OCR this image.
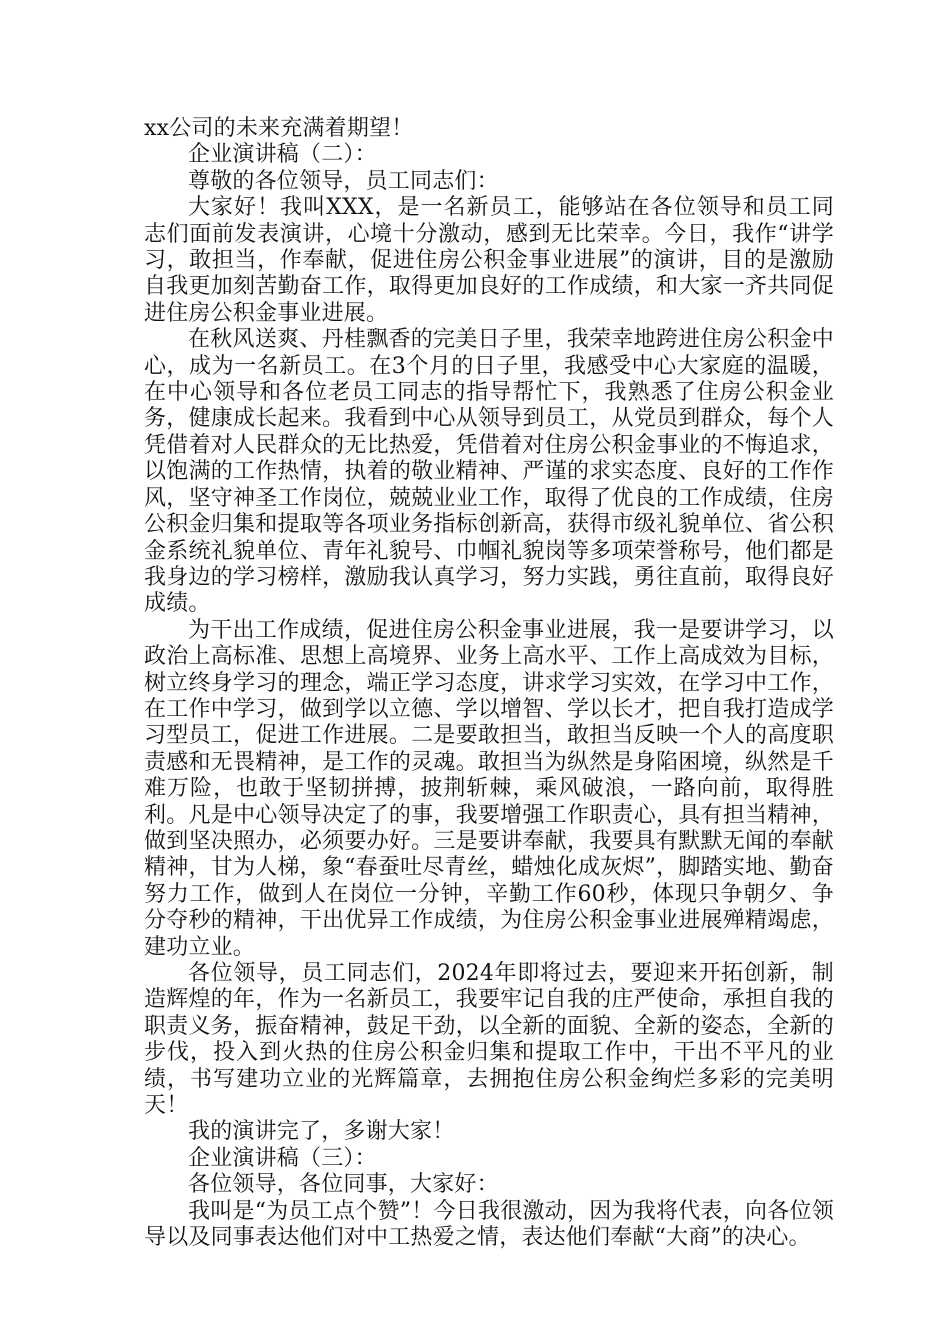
xx公司的未来充满着期望！

企业演讲稿（二）：

尊敬的各位领导，员工同志们：

大家好！我叫XXX，是一名新员工，能够站在各位领导和员工同志们面前发表演讲，心境十分激动，感到无比荣幸。今日，我作“讲学习，敢担当，作奉献，促进住房公积金事业进展”的演讲，目的是激励自我更加刻苦勤奋工作，取得更加良好的工作成绩，和大家一齐共同促进住房公积金事业进展。

在秋风送爽、丹桂飘香的完美日子里，我荣幸地跨进住房公积金中心，成为一名新员工。在3个月的日子里，我感受中心大家庭的温暖，在中心领导和各位老员工同志的指导帮忙下，我熟悉了住房公积金业务，健康成长起来。我看到中心从领导到员工，从党员到群众，每个人凭借着对人民群众的无比热爱，凭借着对住房公积金事业的不悔追求，以饱满的工作热情，执着的敬业精神、严谨的求实态度、良好的工作作风，坚守神圣工作岗位，兢兢业业工作，取得了优良的工作成绩，住房公积金归集和提取等各项业务指标创新高，获得市级礼貌单位、省公积金系统礼貌单位、青年礼貌号、巾帼礼貌岗等多项荣誉称号，他们都是我身边的学习榜样，激励我认真学习，努力实践，勇往直前，取得良好成绩。

为干出工作成绩，促进住房公积金事业进展，我一是要讲学习，以政治上高标准、思想上高境界、业务上高水平、工作上高成效为目标，树立终身学习的理念，端正学习态度，讲求学习实效，在学习中工作，在工作中学习，做到学以立德、学以增智、学以长才，把自我打造成学习型员工，促进工作进展。二是要敢担当，敢担当反映一个人的高度职责感和无畏精神，是工作的灵魂。敢担当为纵然是身陷困境，纵然是千难万险，也敢于坚韧拼搏，披荆斩棘，乘风破浪，一路向前，取得胜利。凡是中心领导决定了的事，我要增强工作职责心，具有担当精神，做到坚决照办，必须要办好。三是要讲奉献，我要具有默默无闻的奉献精神，甘为人梯，象“春蚕吐尽青丝，蜡烛化成灰烬”，脚踏实地、勤奋努力工作，做到人在岗位一分钟，辛勤工作60秒，体现只争朝夕、争分夺秒的精神，干出优异工作成绩，为住房公积金事业进展殚精竭虑，建功立业。

各位领导，员工同志们，2024年即将过去，要迎来开拓创新，制造辉煌的年，作为一名新员工，我要牢记自我的庄严使命，承担自我的职责义务，振奋精神，鼓足干劲，以全新的面貌、全新的姿态，全新的步伐，投入到火热的住房公积金归集和提取工作中，干出不平凡的业绩，书写建功立业的光辉篇章，去拥抱住房公积金绚烂多彩的完美明天！

我的演讲完了，多谢大家！

企业演讲稿（三）：

各位领导，各位同事，大家好：

我叫是“为员工点个赞”！今日我很激动，因为我将代表，向各位领导以及同事表达他们对中工热爱之情，表达他们奉献“大商”的决心。
